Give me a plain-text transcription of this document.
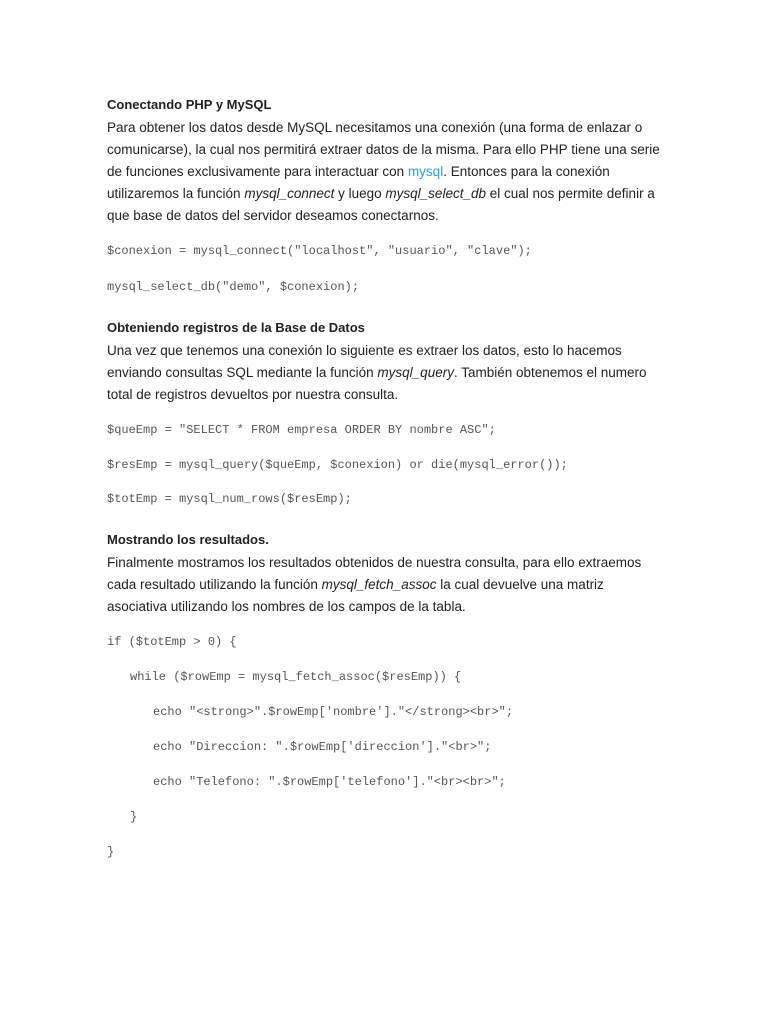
Conectando PHP y MySQL

Para obtener los datos desde MySQL necesitamos una conexión (una forma de enlazar o comunicarse), la cual nos permitirá extraer datos de la misma. Para ello PHP tiene una serie de funciones exclusivamente para interactuar con mysql. Entonces para la conexión utilizaremos la función mysql_connect y luego mysql_select_db el cual nos permite definir a que base de datos del servidor deseamos conectarnos.

$conexion = mysql_connect("localhost", "usuario", "clave");

mysql_select_db("demo", $conexion);

Obteniendo registros de la Base de Datos

Una vez que tenemos una conexión lo siguiente es extraer los datos, esto lo hacemos enviando consultas SQL mediante la función mysql_query. También obtenemos el numero total de registros devueltos por nuestra consulta.

$queEmp = "SELECT * FROM empresa ORDER BY nombre ASC";

$resEmp = mysql_query($queEmp, $conexion) or die(mysql_error());

$totEmp = mysql_num_rows($resEmp);

Mostrando los resultados.

Finalmente mostramos los resultados obtenidos de nuestra consulta, para ello extraemos cada resultado utilizando la función mysql_fetch_assoc la cual devuelve una matriz asociativa utilizando los nombres de los campos de la tabla.

if ($totEmp > 0) {

while ($rowEmp = mysql_fetch_assoc($resEmp)) {

echo "<strong>".$rowEmp['nombre']."</strong><br>";

echo "Direccion: ".$rowEmp['direccion']."<br>";

echo "Telefono: ".$rowEmp['telefono']."<br><br>";

}

}
